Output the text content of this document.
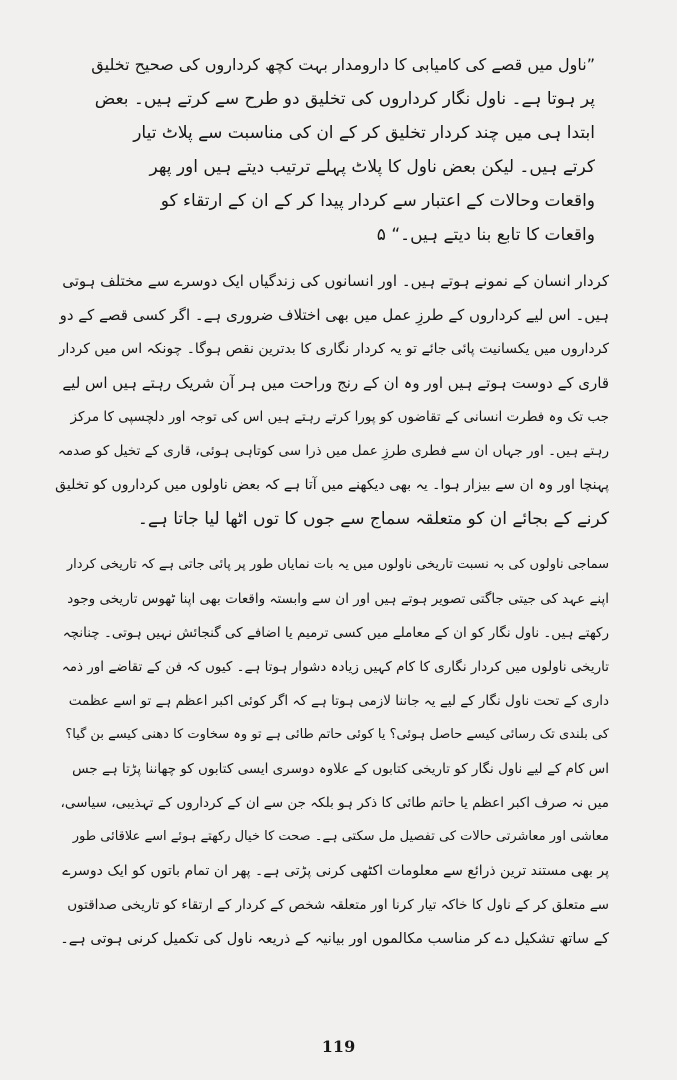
”ناول میں قصے کی کامیابی کا دارومدار بہت کچھ کرداروں کی صحیح تخلیق
پر ہوتا ہے۔ ناول نگار کرداروں کی تخلیق دو طرح سے کرتے ہیں۔ بعض
ابتدا ہی میں چند کردار تخلیق کر کے ان کی مناسبت سے پلاٹ تیار
کرتے ہیں۔ لیکن بعض ناول کا پلاٹ پہلے ترتیب دیتے ہیں اور پھر
واقعات وحالات کے اعتبار سے کردار پیدا کر کے ان کے ارتقاء کو
واقعات کا تابع بنا دیتے ہیں۔“ ۵
کردار انسان کے نمونے ہوتے ہیں۔ اور انسانوں کی زندگیاں ایک دوسرے سے مختلف ہوتی
ہیں۔ اس لیے کرداروں کے طرزِ عمل میں بھی اختلاف ضروری ہے۔ اگر کسی قصے کے دو
کرداروں میں یکسانیت پائی جائے تو یہ کردار نگاری کا بدترین نقص ہوگا۔ چونکہ اس میں کردار
قاری کے دوست ہوتے ہیں اور وہ ان کے رنج وراحت میں ہر آن شریک رہتے ہیں اس لیے
جب تک وہ فطرت انسانی کے تقاضوں کو پورا کرتے رہتے ہیں اس کی توجہ اور دلچسپی کا مرکز
رہتے ہیں۔ اور جہاں ان سے فطری طرزِ عمل میں ذرا سی کوتاہی ہوئی، قاری کے تخیل کو صدمہ
پہنچا اور وہ ان سے بیزار ہوا۔ یہ بھی دیکھنے میں آتا ہے کہ بعض ناولوں میں کرداروں کو تخلیق
کرنے کے بجائے ان کو متعلقہ سماج سے جوں کا توں اٹھا لیا جاتا ہے۔
سماجی ناولوں کی بہ نسبت تاریخی ناولوں میں یہ بات نمایاں طور پر پائی جاتی ہے کہ تاریخی کردار
اپنے عہد کی جیتی جاگتی تصویر ہوتے ہیں اور ان سے وابستہ واقعات بھی اپنا ٹھوس تاریخی وجود
رکھتے ہیں۔ ناول نگار کو ان کے معاملے میں کسی ترمیم یا اضافے کی گنجائش نہیں ہوتی۔ چنانچہ
تاریخی ناولوں میں کردار نگاری کا کام کہیں زیادہ دشوار ہوتا ہے۔ کیوں کہ فن کے تقاضے اور ذمہ
داری کے تحت ناول نگار کے لیے یہ جاننا لازمی ہوتا ہے کہ اگر کوئی اکبر اعظم ہے تو اسے عظمت
کی بلندی تک رسائی کیسے حاصل ہوئی؟ یا کوئی حاتم طائی ہے تو وہ سخاوت کا دھنی کیسے بن گیا؟
اس کام کے لیے ناول نگار کو تاریخی کتابوں کے علاوہ دوسری ایسی کتابوں کو چھاننا پڑتا ہے جس
میں نہ صرف اکبر اعظم یا حاتم طائی کا ذکر ہو بلکہ جن سے ان کے کرداروں کے تہذیبی، سیاسی،
معاشی اور معاشرتی حالات کی تفصیل مل سکتی ہے۔ صحت کا خیال رکھتے ہوئے اسے علاقائی طور
پر بھی مستند ترین ذرائع سے معلومات اکٹھی کرنی پڑتی ہے۔ پھر ان تمام باتوں کو ایک دوسرے
سے متعلق کر کے ناول کا خاکہ تیار کرنا اور متعلقہ شخص کے کردار کے ارتقاء کو تاریخی صداقتوں
کے ساتھ تشکیل دے کر مناسب مکالموں اور بیانیہ کے ذریعہ ناول کی تکمیل کرنی ہوتی ہے۔
119
